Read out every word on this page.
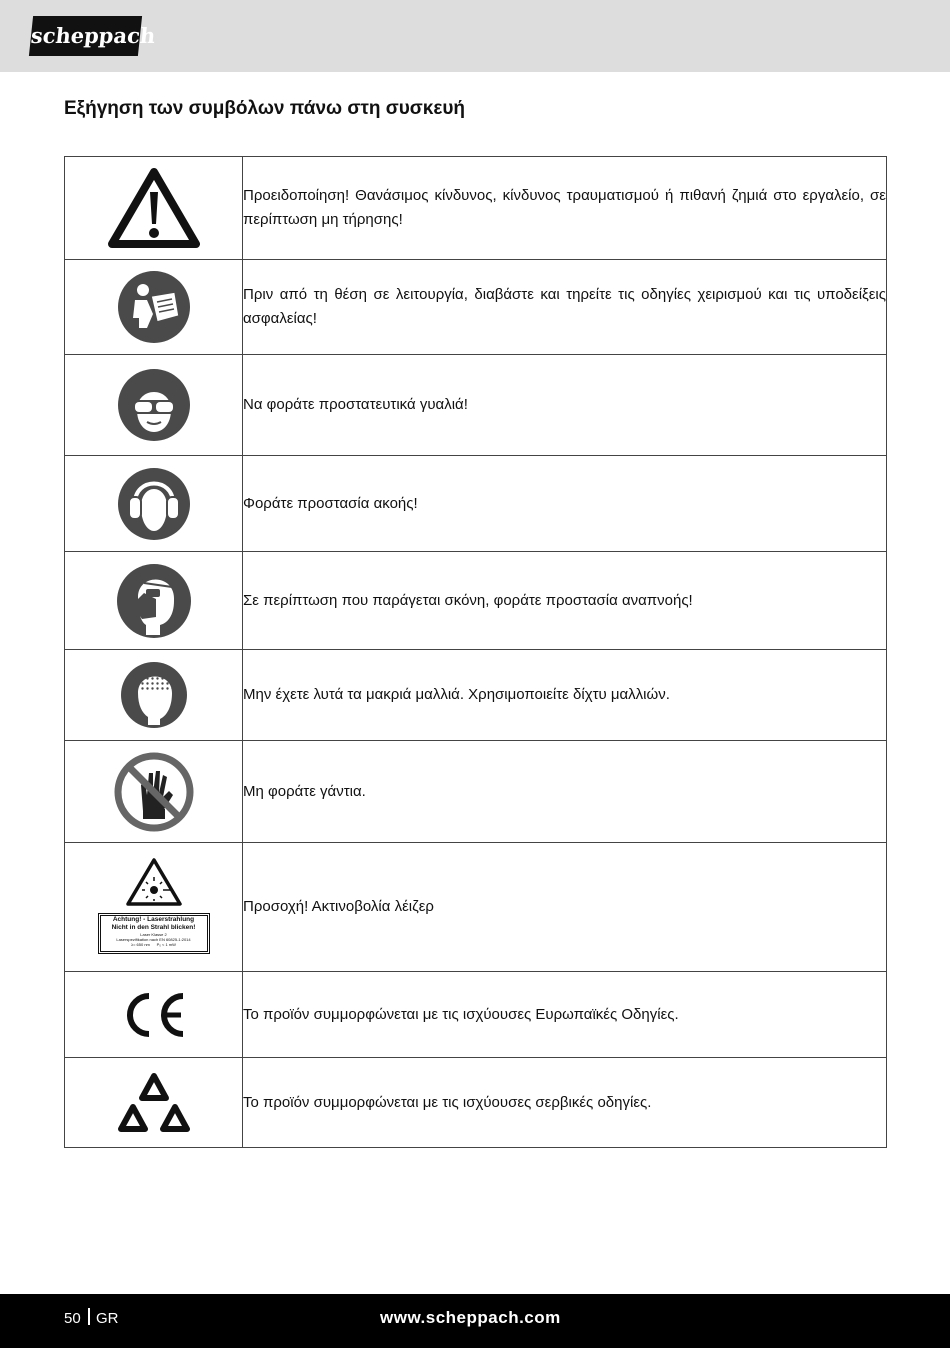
scheppach
Εξήγηση των συμβόλων πάνω στη συσκευή
	Προειδοποίηση! Θανάσιμος κίνδυνος, κίνδυνος τραυματισμού ή πιθανή ζημιά στο εργαλείο, σε περίπτωση μη τήρησης!

	Πριν από τη θέση σε λειτουργία, διαβάστε και τηρείτε τις οδηγίες χειρισμού και τις υποδείξεις ασφαλείας!

	Να φοράτε προστατευτικά γυαλιά!

	Φοράτε προστασία ακοής!

	Σε περίπτωση που παράγεται σκόνη, φοράτε προστασία αναπνοής!

	Μην έχετε λυτά τα μακριά μαλλιά. Χρησιμοποιείτε δίχτυ μαλλιών.

	Μη φοράτε γάντια.

Achtung! - Laserstrahlung
Nicht in den Strahl blicken!
Laser Klasse 2
Laserspezifikation nach EN 60825-1:2014
λ= 650 nm P₀ < 1 mW	Προσοχή! Ακτινοβολία λέιζερ

	Το προϊόν συμμορφώνεται με τις ισχύουσες Ευρωπαϊκές Οδηγίες.

	Το προϊόν συμμορφώνεται με τις ισχύουσες σερβικές οδηγίες.
50 GR	www.scheppach.com
